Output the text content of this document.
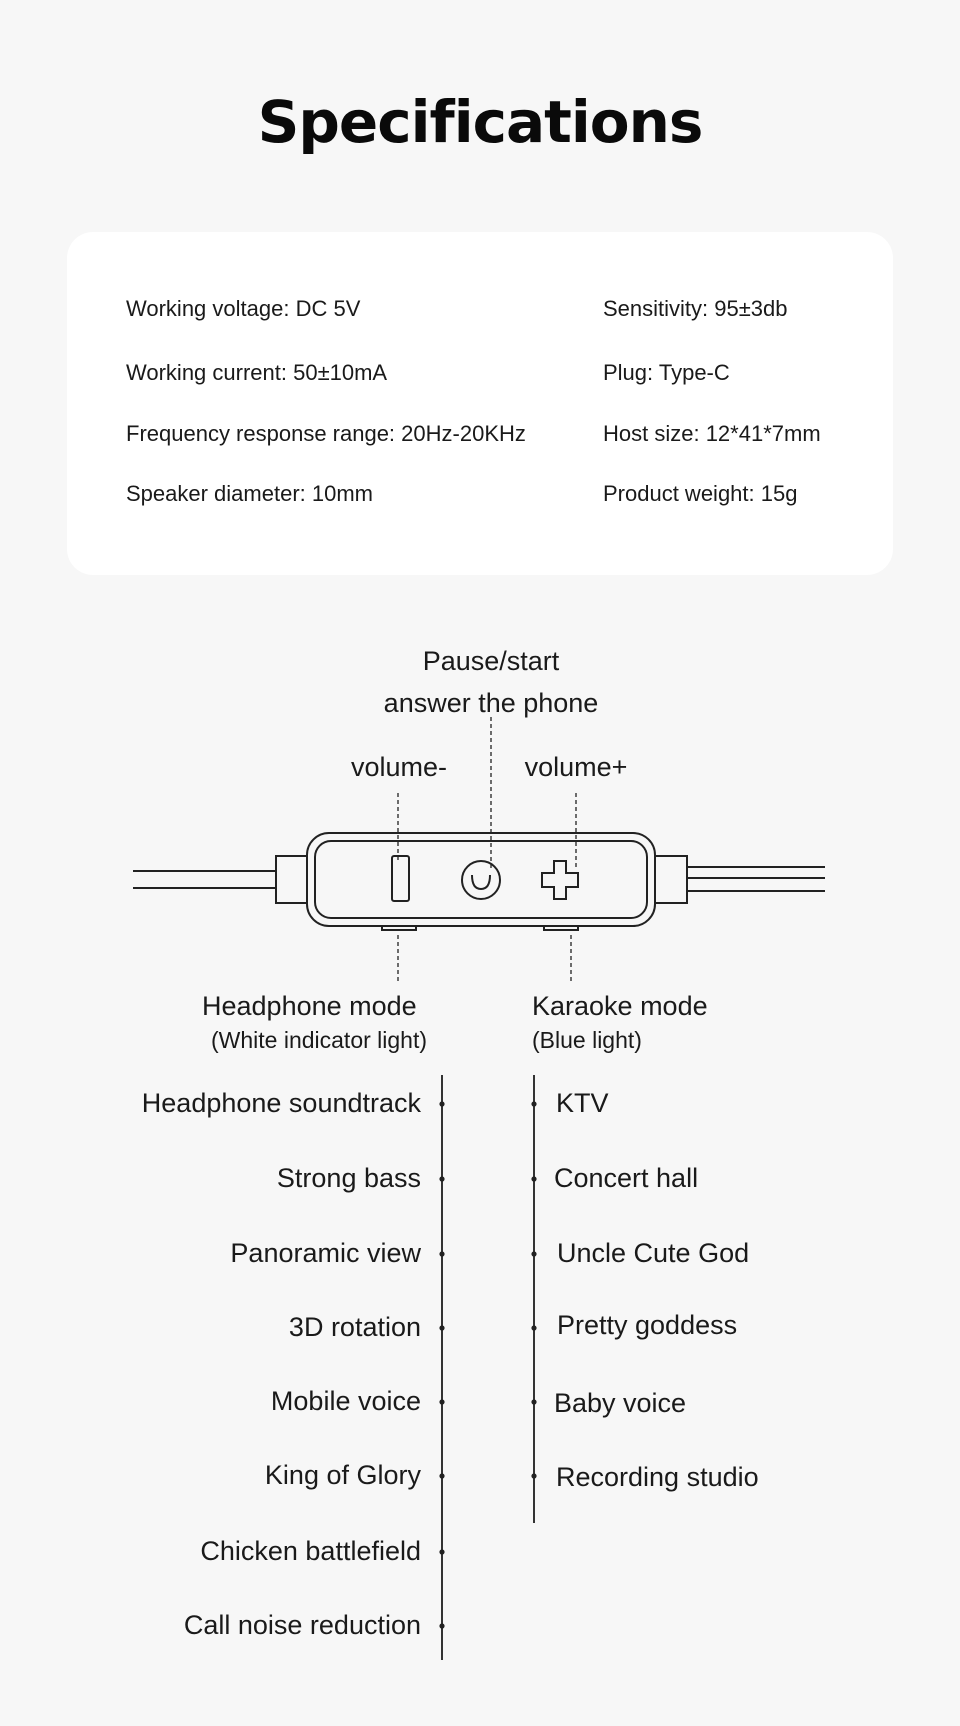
Specifications
Working voltage: DC 5V
Working current: 50±10mA
Frequency response range: 20Hz-20KHz
Speaker diameter: 10mm
Sensitivity: 95±3db
Plug: Type-C
Host size: 12*41*7mm
Product weight: 15g
Pause/start
answer the phone
volume-	volume+
Headphone mode
(White indicator light)
Karaoke mode
(Blue light)
Headphone soundtrack
Strong bass
Panoramic view
3D rotation
Mobile voice
King of Glory
Chicken battlefield
Call noise reduction
KTV
Concert hall
Uncle Cute God
Pretty goddess
Baby voice
Recording studio
